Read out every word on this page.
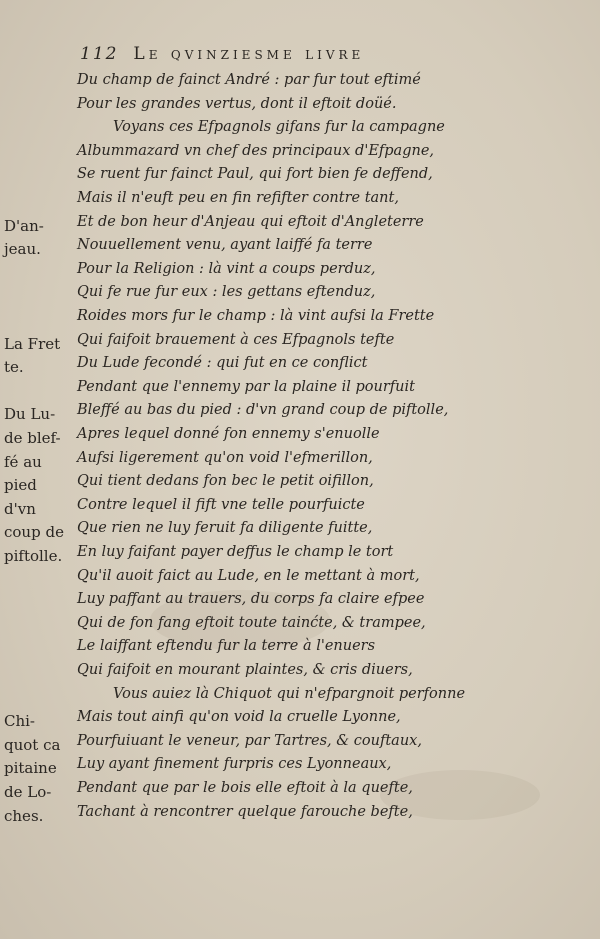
112 Le qvinziesme livre
Du champ de fainct André : par fur tout eftimé
Pour les grandes vertus, dont il eftoit doüé.
Voyans ces Efpagnols gifans fur la campagne
Albummazard vn chef des principaux d'Efpagne,
Se ruent fur fainct Paul, qui fort bien fe deffend,
Mais il n'euft peu en fin refifter contre tant,
Et de bon heur d'Anjeau qui eftoit d'Angleterre
Nouuellement venu, ayant laiffé fa terre
Pour la Religion : là vint a coups perduz,
Qui fe rue fur eux : les gettans eftenduz,
Roides mors fur le champ : là vint aufsi la Frette
Qui faifoit brauement à ces Efpagnols tefte
Du Lude fecondé : qui fut en ce conflict
Pendant que l'ennemy par la plaine il pourfuit
Bleffé au bas du pied : d'vn grand coup de piftolle,
Apres lequel donné fon ennemy s'enuolle
Aufsi ligerement qu'on void l'efmerillon,
Qui tient dedans fon bec le petit oifillon,
Contre lequel il fift vne telle pourfuicte
Que rien ne luy feruit fa diligente fuitte,
En luy faifant payer deffus le champ le tort
Qu'il auoit faict au Lude, en le mettant à mort,
Luy paffant au trauers, du corps fa claire efpee
Qui de fon fang eftoit toute tainćte, & trampee,
Le laiffant eftendu fur la terre à l'enuers
Qui faifoit en mourant plaintes, & cris diuers,
Vous auiez là Chiquot qui n'efpargnoit perfonne
Mais tout ainfi qu'on void la cruelle Lyonne,
Pourfuiuant le veneur, par Tartres, & couftaux,
Luy ayant finement furpris ces Lyonneaux,
Pendant que par le bois elle eftoit à la quefte,
Tachant à rencontrer quelque farouche befte,
D'an-
jeau.
La Fret
te.
Du Lu-
de blef-
fé au
pied
d'vn
coup de
piftolle.
Chi-
quot ca
pitaine
de Lo-
ches.
